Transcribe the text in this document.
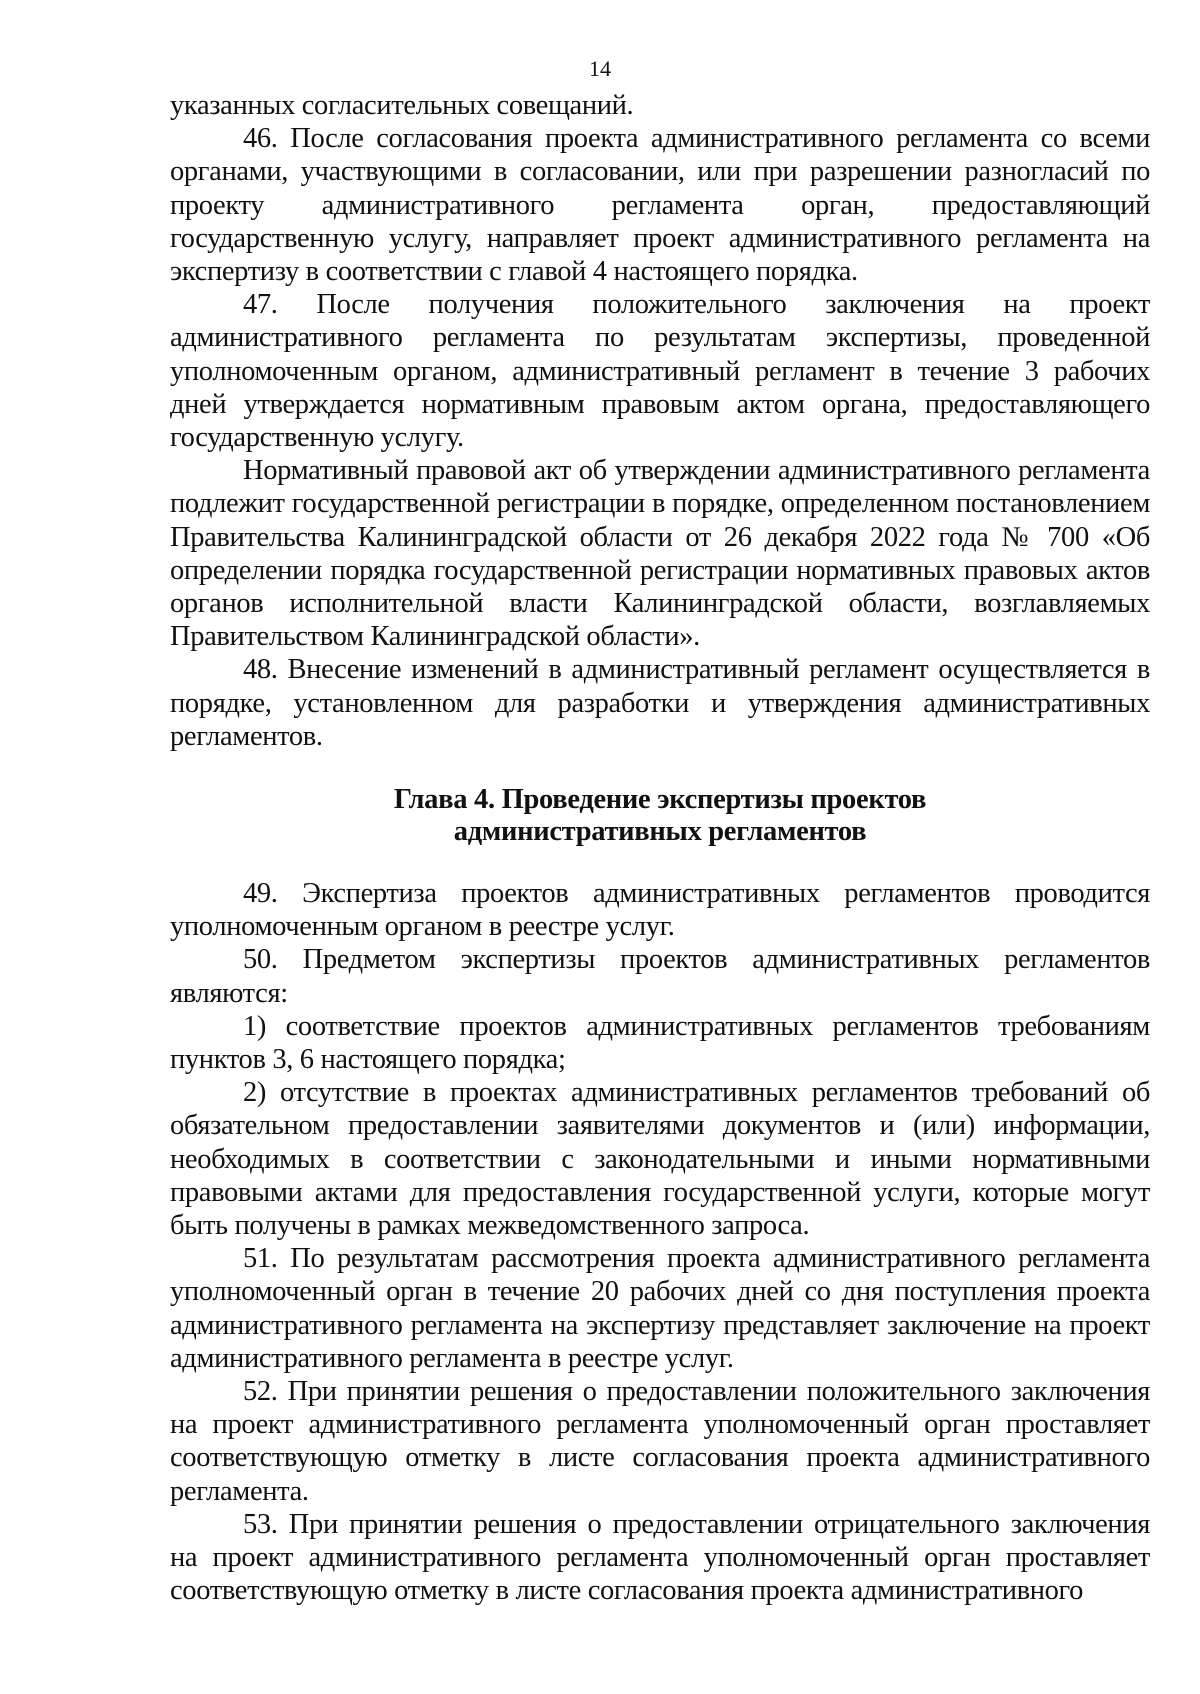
14

указанных согласительных совещаний.

46. После согласования проекта административного регламента со всеми органами, участвующими в согласовании, или при разрешении разногласий по проекту административного регламента орган, предоставляющий государственную услугу, направляет проект административного регламента на экспертизу в соответствии с главой 4 настоящего порядка.

47. После получения положительного заключения на проект административного регламента по результатам экспертизы, проведенной уполномоченным органом, административный регламент в течение 3 рабочих дней утверждается нормативным правовым актом органа, предоставляющего государственную услугу.

Нормативный правовой акт об утверждении административного регламента подлежит государственной регистрации в порядке, определенном постановлением Правительства Калининградской области от 26 декабря 2022 года № 700 «Об определении порядка государственной регистрации нормативных правовых актов органов исполнительной власти Калининградской области, возглавляемых Правительством Калининградской области».

48. Внесение изменений в административный регламент осуществляется в порядке, установленном для разработки и утверждения административных регламентов.

Глава 4. Проведение экспертизы проектов
административных регламентов

49. Экспертиза проектов административных регламентов проводится уполномоченным органом в реестре услуг.

50. Предметом экспертизы проектов административных регламентов являются:

1) соответствие проектов административных регламентов требованиям пунктов 3, 6 настоящего порядка;

2) отсутствие в проектах административных регламентов требований об обязательном предоставлении заявителями документов и (или) информации, необходимых в соответствии с законодательными и иными нормативными правовыми актами для предоставления государственной услуги, которые могут быть получены в рамках межведомственного запроса.

51. По результатам рассмотрения проекта административного регламента уполномоченный орган в течение 20 рабочих дней со дня поступления проекта административного регламента на экспертизу представляет заключение на проект административного регламента в реестре услуг.

52. При принятии решения о предоставлении положительного заключения на проект административного регламента уполномоченный орган проставляет соответствующую отметку в листе согласования проекта административного регламента.

53. При принятии решения о предоставлении отрицательного заключения на проект административного регламента уполномоченный орган проставляет соответствующую отметку в листе согласования проекта административного
